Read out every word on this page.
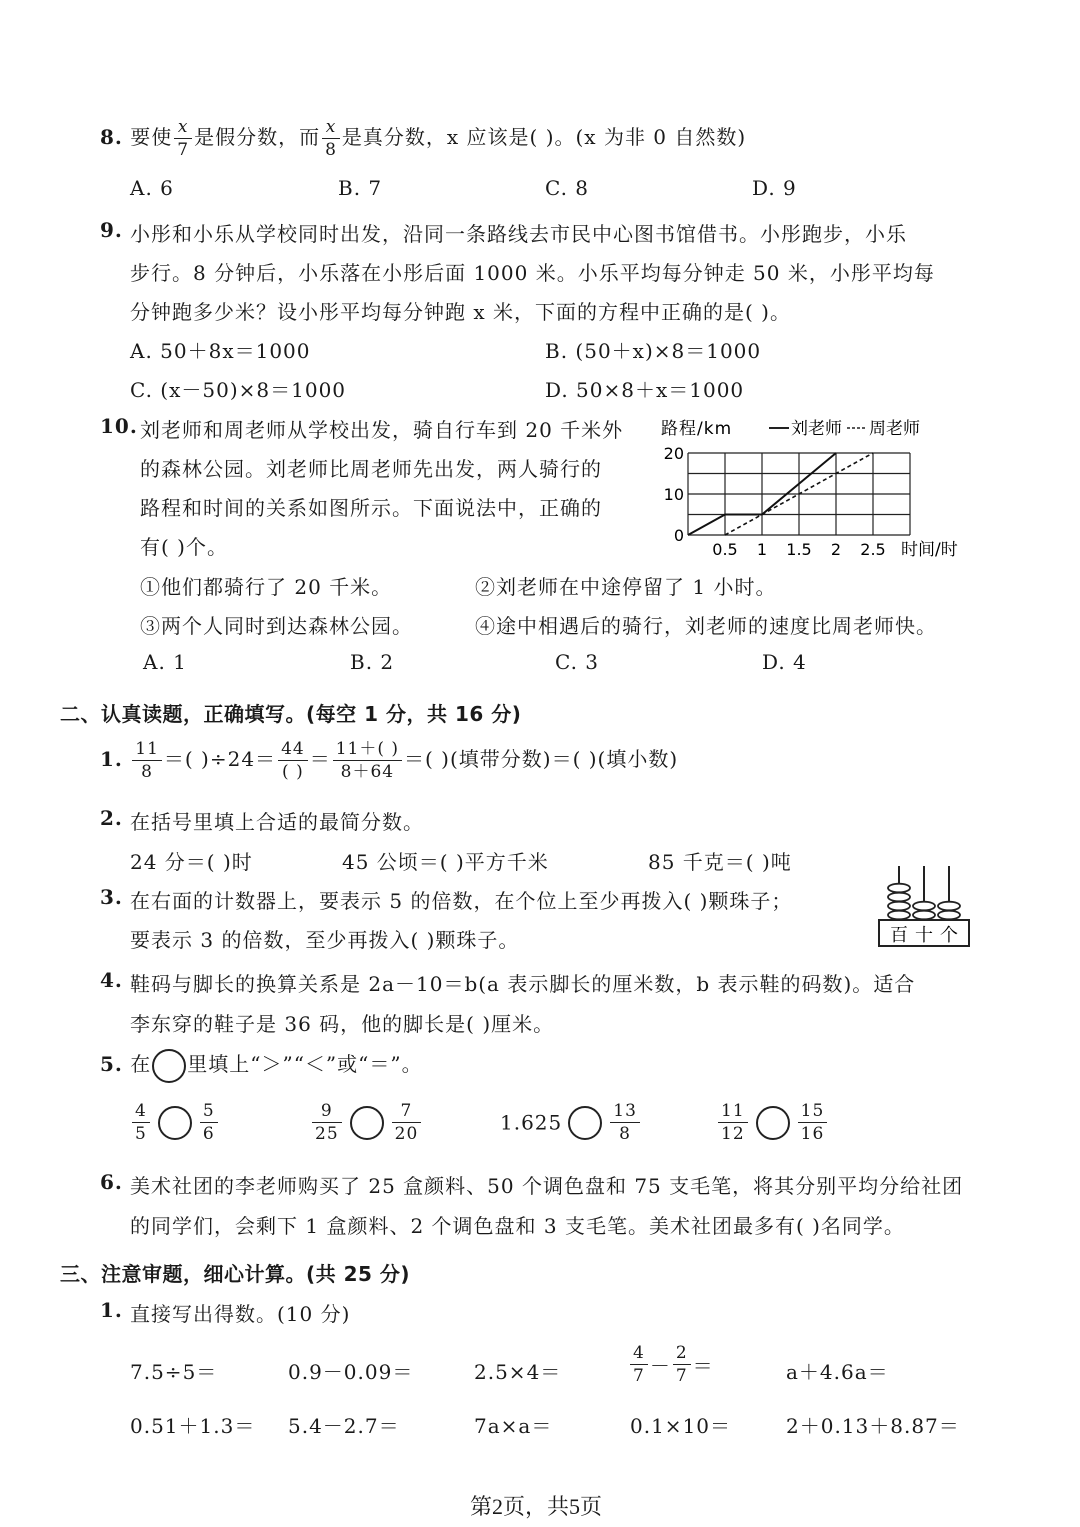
8. 要使 $\frac{x}{7}$ 是假分数，而 $\frac{x}{8}$ 是真分数，x 应该是( )。(x 为非 0 自然数)
A. 6	B. 7	C. 8	D. 9
9. 小彤和小乐从学校同时出发，沿同一条路线去市民中心图书馆借书。小彤跑步，小乐
步行。8 分钟后，小乐落在小彤后面 1000 米。小乐平均每分钟走 50 米，小彤平均每
分钟跑多少米？设小彤平均每分钟跑 x 米，下面的方程中正确的是( )。
A. 50＋8x＝1000	B. (50＋x)×8＝1000
C. (x－50)×8＝1000	D. 50×8＋x＝1000
10. 刘老师和周老师从学校出发，骑自行车到 20 千米外
的森林公园。刘老师比周老师先出发，两人骑行的
路程和时间的关系如图所示。下面说法中，正确的
有( )个。
路程/km	刘老师 周老师
0
10
20
0.5 1 1.5 2 2.5 时间/时
①他们都骑行了 20 千米。	②刘老师在中途停留了 1 小时。
③两个人同时到达森林公园。	④途中相遇后的骑行，刘老师的速度比周老师快。
A. 1	B. 2	C. 3	D. 4
二、认真读题，正确填写。(每空 1 分，共 16 分)
1. $\frac{11}{8}$ ＝( )$\div 24= \frac{44}{( )} = \frac{11+( )}{8+64}$ ＝( )(填带分数)＝( )(填小数)
2. 在括号里填上合适的最简分数。
24 分＝( )时	45 公顷＝( )平方千米	85 千克＝( )吨
3. 在右面的计数器上，要表示 5 的倍数，在个位上至少再拨入( )颗珠子；
要表示 3 的倍数，至少再拨入( )颗珠子。	百 十 个
4. 鞋码与脚长的换算关系是 2a－10＝b(a 表示脚长的厘米数，b 表示鞋的码数)。适合
李东穿的鞋子是 36 码，他的脚长是( )厘米。
5. 在 里填上“＞”“＜”或“＝”。
$\frac{4}{5}$	$\frac{5}{6}$	$\frac{9}{25}$	$\frac{7}{20}$	1.625	$\frac{13}{8}$	$\frac{11}{12}$	$\frac{15}{16}$
6. 美术社团的李老师购买了 25 盒颜料、50 个调色盘和 75 支毛笔，将其分别平均分给社团
的同学们，会剩下 1 盒颜料、2 个调色盘和 3 支毛笔。美术社团最多有( )名同学。
三、注意审题，细心计算。(共 25 分)
1. 直接写出得数。(10 分)
7.5÷5＝	0.9－0.09＝	2.5×4＝	$\frac{4}{7} - \frac{2}{7}$ ＝	a＋4.6a＝
0.51＋1.3＝ 5.4－2.7＝	7a×a＝	0.1×10＝	2＋0.13＋8.87＝
第2页，共5页
